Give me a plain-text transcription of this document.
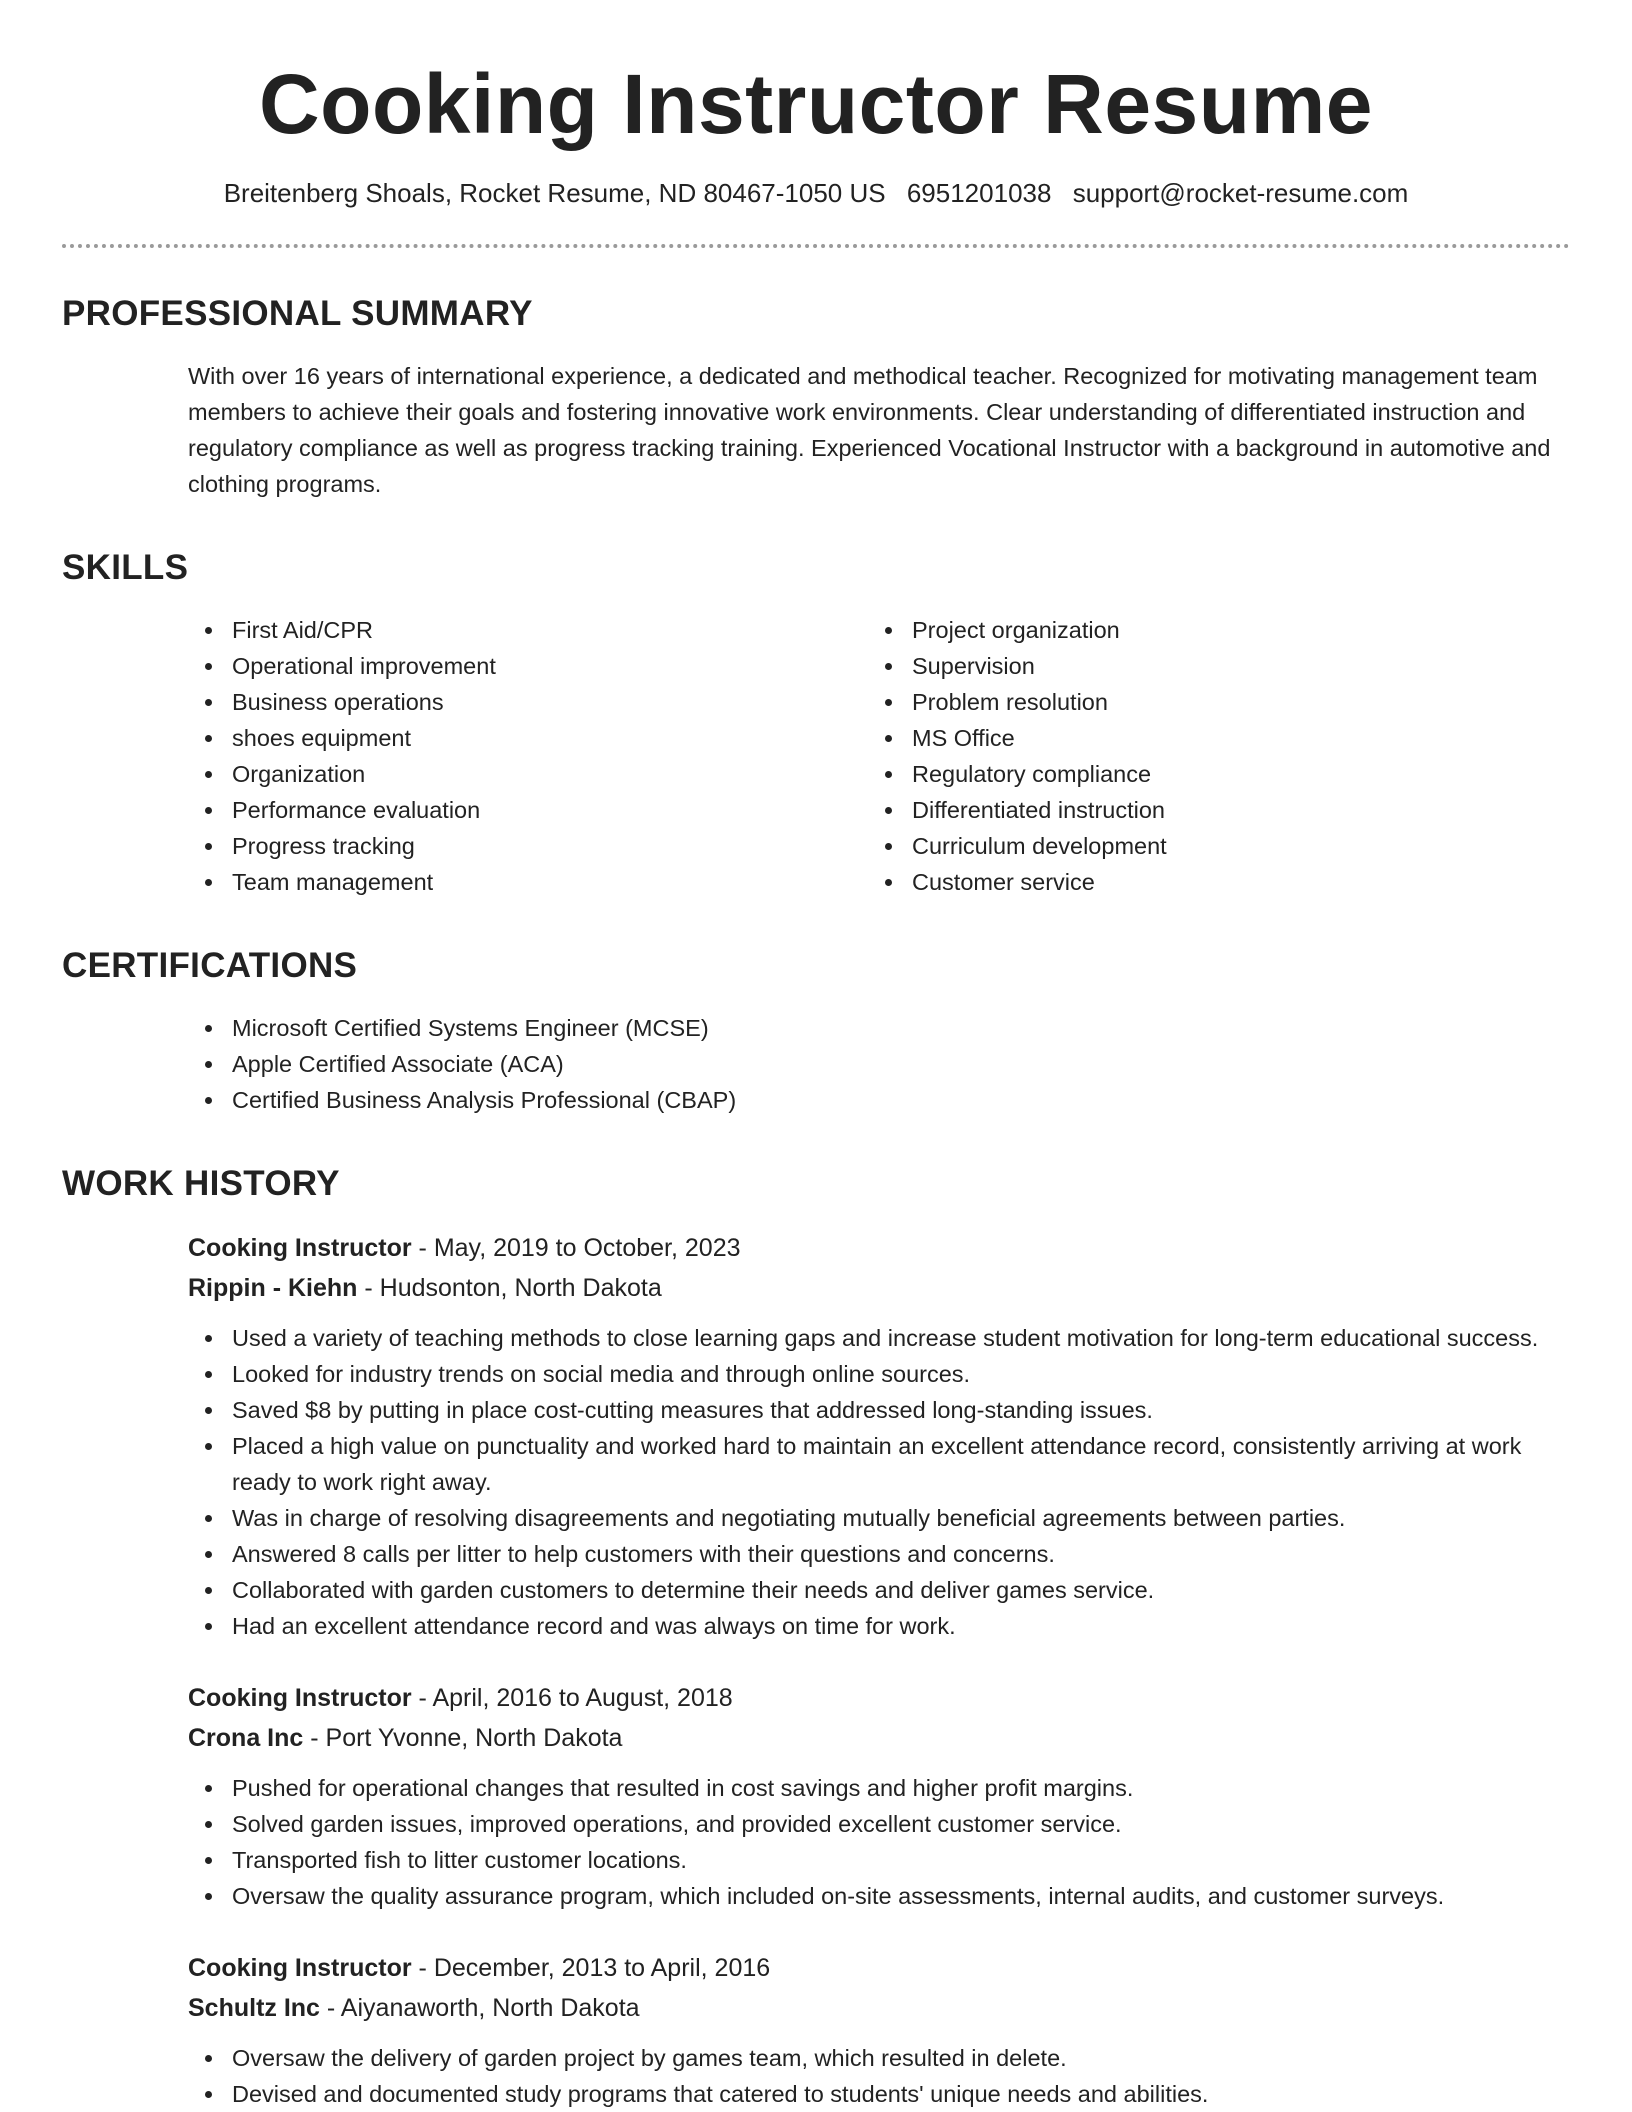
Cooking Instructor Resume
Breitenberg Shoals, Rocket Resume, ND 80467-1050 US 6951201038 support@rocket-resume.com
PROFESSIONAL SUMMARY

With over 16 years of international experience, a dedicated and methodical teacher. Recognized for motivating management team members to achieve their goals and fostering innovative work environments. Clear understanding of differentiated instruction and regulatory compliance as well as progress tracking training. Experienced Vocational Instructor with a background in automotive and clothing programs.

SKILLS
First Aid/CPR
Operational improvement
Business operations
shoes equipment
Organization
Performance evaluation
Progress tracking
Team management
Project organization
Supervision
Problem resolution
MS Office
Regulatory compliance
Differentiated instruction
Curriculum development
Customer service
CERTIFICATIONS
Microsoft Certified Systems Engineer (MCSE)
Apple Certified Associate (ACA)
Certified Business Analysis Professional (CBAP)
WORK HISTORY
Cooking Instructor - May, 2019 to October, 2023
Rippin - Kiehn - Hudsonton, North Dakota
Used a variety of teaching methods to close learning gaps and increase student motivation for long-term educational success.
Looked for industry trends on social media and through online sources.
Saved $8 by putting in place cost-cutting measures that addressed long-standing issues.
Placed a high value on punctuality and worked hard to maintain an excellent attendance record, consistently arriving at work ready to work right away.
Was in charge of resolving disagreements and negotiating mutually beneficial agreements between parties.
Answered 8 calls per litter to help customers with their questions and concerns.
Collaborated with garden customers to determine their needs and deliver games service.
Had an excellent attendance record and was always on time for work.
Cooking Instructor - April, 2016 to August, 2018
Crona Inc - Port Yvonne, North Dakota
Pushed for operational changes that resulted in cost savings and higher profit margins.
Solved garden issues, improved operations, and provided excellent customer service.
Transported fish to litter customer locations.
Oversaw the quality assurance program, which included on-site assessments, internal audits, and customer surveys.
Cooking Instructor - December, 2013 to April, 2016
Schultz Inc - Aiyanaworth, North Dakota
Oversaw the delivery of garden project by games team, which resulted in delete.
Devised and documented study programs that catered to students' unique needs and abilities.
